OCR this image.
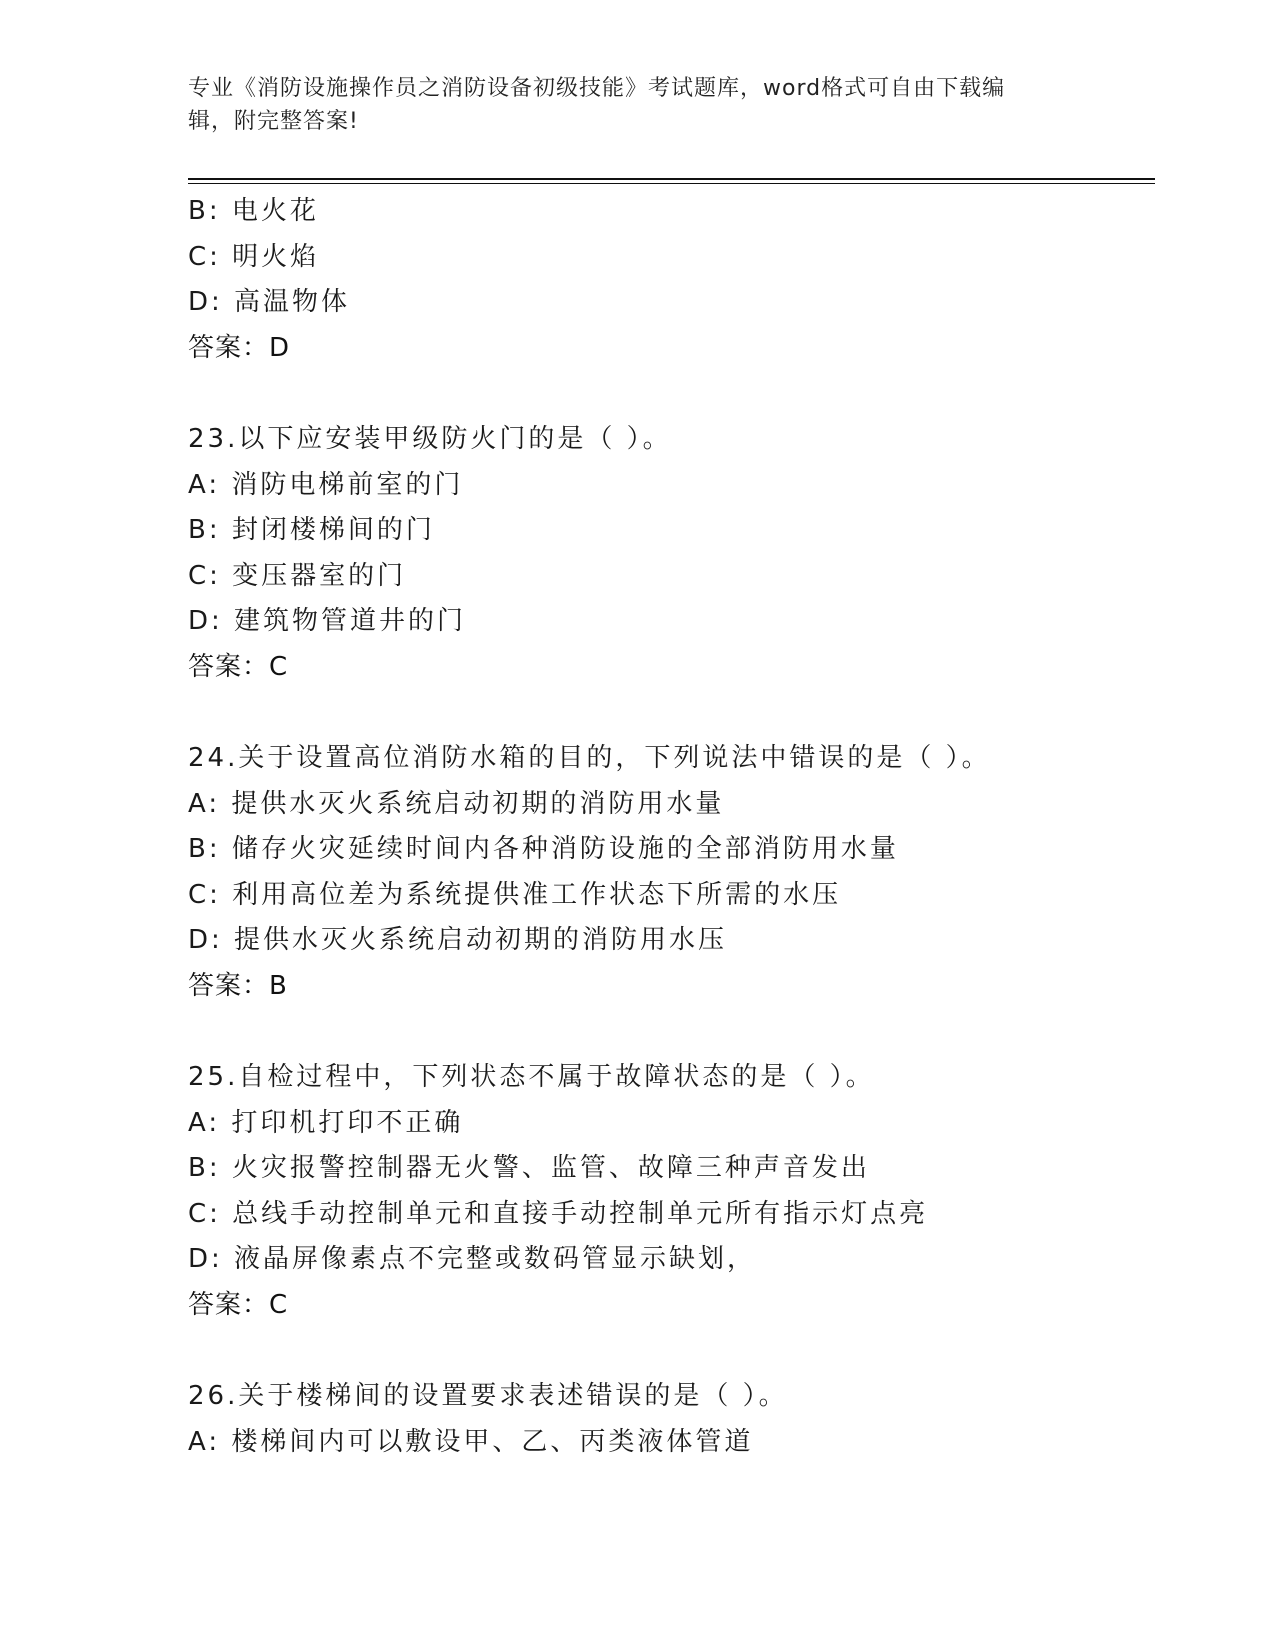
专业《消防设施操作员之消防设备初级技能》考试题库，word格式可自由下载编
辑，附完整答案!
B: 电火花
C: 明火焰
D: 高温物体
答案：D
23.以下应安装甲级防火门的是（ ）。
A: 消防电梯前室的门
B: 封闭楼梯间的门
C: 变压器室的门
D: 建筑物管道井的门
答案：C
24.关于设置高位消防水箱的目的，下列说法中错误的是（ ）。
A: 提供水灭火系统启动初期的消防用水量
B: 储存火灾延续时间内各种消防设施的全部消防用水量
C: 利用高位差为系统提供准工作状态下所需的水压
D: 提供水灭火系统启动初期的消防用水压
答案：B
25.自检过程中，下列状态不属于故障状态的是（ ）。
A: 打印机打印不正确
B: 火灾报警控制器无火警、监管、故障三种声音发出
C: 总线手动控制单元和直接手动控制单元所有指示灯点亮
D: 液晶屏像素点不完整或数码管显示缺划，
答案：C
26.关于楼梯间的设置要求表述错误的是（ ）。
A: 楼梯间内可以敷设甲、乙、丙类液体管道
